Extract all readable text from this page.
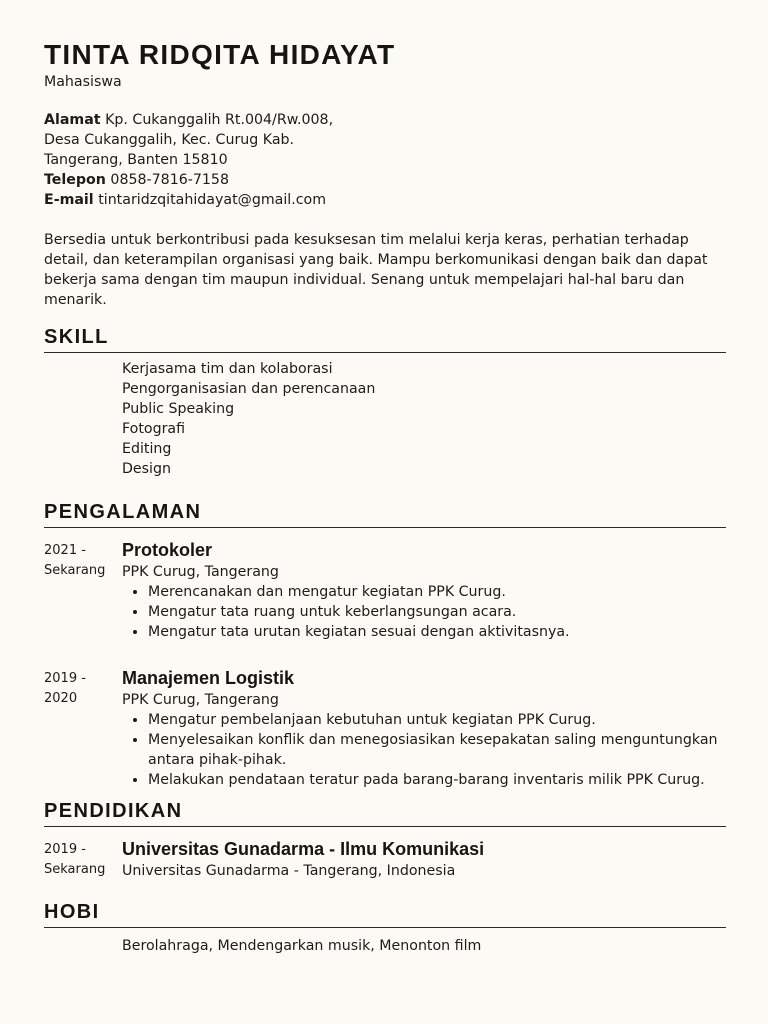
TINTA RIDQITA HIDAYAT
Mahasiswa
Alamat Kp. Cukanggalih Rt.004/Rw.008, Desa Cukanggalih, Kec. Curug Kab. Tangerang, Banten 15810
Telepon 0858-7816-7158
E-mail tintaridzqitahidayat@gmail.com

Bersedia untuk berkontribusi pada kesuksesan tim melalui kerja keras, perhatian terhadap detail, dan keterampilan organisasi yang baik. Mampu berkomunikasi dengan baik dan dapat bekerja sama dengan tim maupun individual. Senang untuk mempelajari hal-hal baru dan menarik.

SKILL
Kerjasama tim dan kolaborasi
Pengorganisasian dan perencanaan
Public Speaking
Fotografi
Editing
Design
PENGALAMAN
2021 -
Sekarang
Protokoler
PPK Curug, Tangerang
• Merencanakan dan mengatur kegiatan PPK Curug.
• Mengatur tata ruang untuk keberlangsungan acara.
• Mengatur tata urutan kegiatan sesuai dengan aktivitasnya.
2019 -
2020
Manajemen Logistik
PPK Curug, Tangerang
• Mengatur pembelanjaan kebutuhan untuk kegiatan PPK Curug.
• Menyelesaikan konflik dan menegosiasikan kesepakatan saling menguntungkan antara pihak-pihak.
• Melakukan pendataan teratur pada barang-barang inventaris milik PPK Curug.
PENDIDIKAN
2019 -
Sekarang
Universitas Gunadarma - Ilmu Komunikasi
Universitas Gunadarma - Tangerang, Indonesia
HOBI
Berolahraga, Mendengarkan musik, Menonton film
